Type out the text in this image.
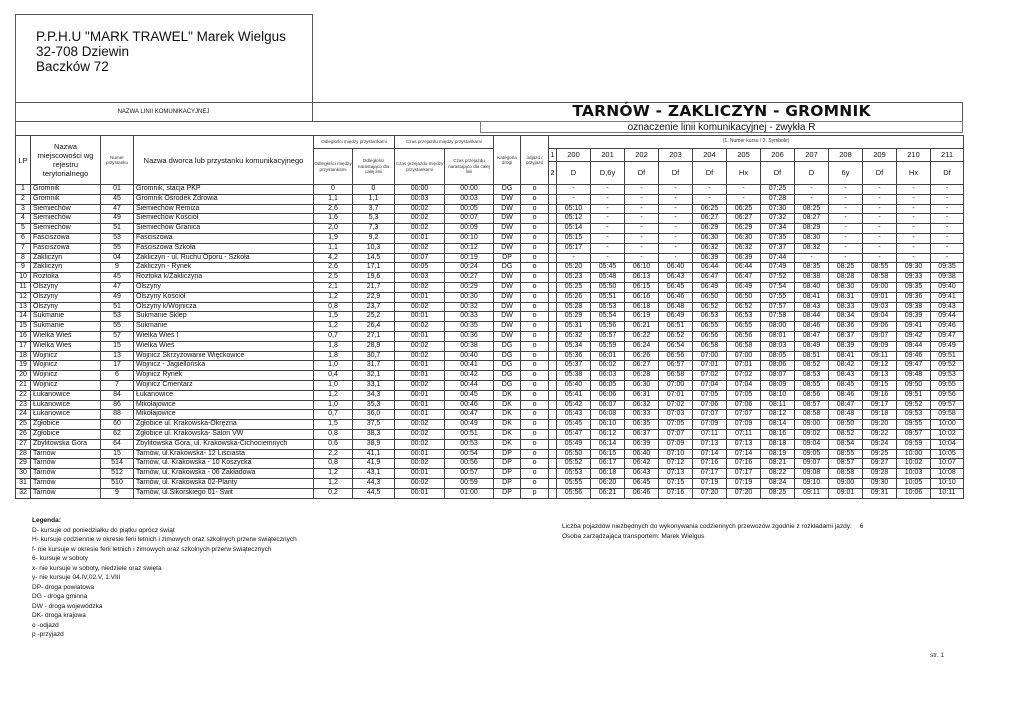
P.P.H.U "MARK TRAWEL" Marek Wielgus
32-708 Dziewin
Baczków 72
NAZWA LINII KOMUNIKACYJNEJ	TARNÓW - ZAKLICZYN - GROMNIK
oznaczenie linii komunikacyjnej - zwykła R
LP	Nazwa miejscowości wg rejestru terytorialnego	Numer przystanku	Nazwa dworca lub przystanku komunikacyjnego	Odległości między przystankami		Czas przejazdu między przystankami		Kategoria drogi	odjazd / przyjazd	(1. Numer kursu / 2. Symbole)												
				Odległości między przystankami	Odległości narastająco dla całej linii	Czas przejazdu między przystankami	Czas przejazdu narastająco dla całej linii			1	200	201	202	203	204	205	206	207	208	209	210	211
										2	D	D,6y	Df	Df	Df	Hx	Df	D	6y	Df	Hx	Df
1	Gromnik	01	Gromnik, stacja PKP	0	0	00:00	00:00	DG	o		-	-	-	-	-	-	07:25	-	-	-	-	-
2	Gromnik	45	Gromnik Ośrodek Zdrowia	1,1	1,1	00:03	00:03	DW	o		-	-	-	-	-	-	07:28	-	-	-	-	-
3	Siemiechów	47	Siemiechów Remiza	2,6	3,7	00:02	00:05	DW	o		05:10	-	-	-	06:25	06:25	07:30	08:25	-	-	-	-
4	Siemiechów	49	Siemiechów Kościół	1,6	5,3	00:02	00:07	DW	o		05:12	-	-	-	06:27	06:27	07:32	08:27	-	-	-	-
5	Siemiechów	51	Siemiechów Granica	2,0	7,3	00:02	00:09	DW	o		05:14	-	-	-	06:29	06:29	07:34	08:29	-	-	-	-
6	Faściszowa	53	Faściszowa	1,9	9,2	00:01	00:10	DW	o		05:15	-	-	-	06:30	06:30	07:35	08:30	-	-	-	-
7	Faściszowa	55	Faściszowa Szkoła	1,1	10,3	00:02	00:12	DW	o		05:17	-	-	-	06:32	06:32	07:37	08:32	-	-	-	-
8	Zakliczyn	04	Zakliczyn - ul. Ruchu Oporu - Szkoła	4,2	14,5	00:07	00:19	DP	o		-	-	-	-	06:39	06:39	07:44	-	-	-	-	-
9	Zakliczyn	9	Zakliczyn - Rynek	2,6	17,1	00:05	00:24	DG	o		05:20	05:45	06:10	06:40	06:44	06:44	07:49	08:35	08:25	08:55	09:30	09:35
10	Roztoka	45	Roztoka k/Zakliczyna	2,5	19,6	00:03	00:27	DW	o		05:23	05:48	06:13	06:43	06:47	06:47	07:52	08:38	08:28	08:58	09:33	09:38
11	Olszyny	47	Olszyny	2,1	21,7	00:02	00:29	DW	o		05:25	05:50	06:15	06:45	06:49	06:49	07:54	08:40	08:30	09:00	09:35	09:40
12	Olszyny	49	Olszyny Kościół	1,2	22,9	00:01	00:30	DW	o		05:26	05:51	06:16	06:46	06:50	06:50	07:55	08:41	08:31	09:01	09:36	09:41
13	Olszyny	51	Olszyny k/Wojnicza	0,8	23,7	00:02	00:32	DW	o		05:28	05:53	06:18	06:48	06:52	06:52	07:57	08:43	08:33	09:03	09:38	09:43
14	Sukmanie	53	Sukmanie Sklep	1,5	25,2	00:01	00:33	DW	o		05:29	05:54	06:19	06:49	06:53	06:53	07:58	08:44	08:34	09:04	09:39	09:44
15	Sukmanie	55	Sukmanie	1,2	26,4	00:02	00:35	DW	o		05:31	05:56	06:21	06:51	06:55	06:55	08:00	08:46	08:36	09:06	09:41	09:46
16	Wielka Wieś	57	Wielka Wieś I	0,7	27,1	00:01	00:36	DW	o		05:32	05:57	06:22	06:52	06:56	06:56	08:01	08:47	08:37	09:07	09:42	09:47
17	Wielka Wieś	15	Wielka Wieś	1,8	28,9	00:02	00:38	DG	o		05:34	05:59	06:24	06:54	06:58	06:58	08:03	08:49	08:39	09:09	09:44	09:49
18	Wojnicz	13	Wojnicz Skrzyżowanie Więckowice	1,8	30,7	00:02	00:40	DG	o		05:36	06:01	06:26	06:56	07:00	07:00	08:05	08:51	08:41	09:11	09:46	09:51
19	Wojnicz	17	Wojnicz - Jagiellońska	1,0	31,7	00:01	00:41	DG	o		05:37	06:02	06:27	06:57	07:01	07:01	08:06	08:52	08:42	09:12	09:47	09:52
20	Wojnicz	6	Wojnicz Rynek	0,4	32,1	00:01	00:42	DG	o		05:38	06:03	06:28	06:58	07:02	07:02	08:07	08:53	08:43	09:13	09:48	09:53
21	Wojnicz	7	Wojnicz Cmentarz	1,0	33,1	00:02	00:44	DG	o		05:40	06:05	06:30	07:00	07:04	07:04	08:09	08:55	08:45	09:15	09:50	09:55
22	Łukanowice	84	Łukanowice	1,2	34,3	00:01	00:45	DK	o		05:41	06:06	06:31	07:01	07:05	07:05	08:10	08:56	08:46	09:16	09:51	09:56
23	Łukanowice	86	Mikołajowice	1,0	35,3	00:01	00:46	DK	o		05:42	06:07	06:32	07:02	07:06	07:06	08:11	08:57	08:47	09:17	09:52	09:57
24	Łukanowice	88	Mikołajowice	0,7	36,0	00:01	00:47	DK	o		05:43	06:08	06:33	07:03	07:07	07:07	08:12	08:58	08:48	09:18	09:53	09:58
25	Zgłobice	60	Zgłobice ul. Krakowska-Okrężna	1,5	37,5	00:02	00:49	DK	o		05:45	06:10	06:35	07:05	07:09	07:09	08:14	09:00	08:50	09:20	09:55	10:00
26	Zgłobice	62	Zgłobice ul. Krakowska- Salon VW	0,8	38,3	00:02	00:51	DK	o		05:47	06:12	06:37	07:07	07:11	07:11	08:16	09:02	08:52	09:22	09:57	10:02
27	Zbylitowska Góra	64	Zbylitowska Góra, ul. Krakowska-Cichociemnych	0,6	38,9	00:02	00:53	DK	o		05:49	06:14	06:39	07:09	07:13	07:13	08:18	09:04	08:54	09:24	09:59	10:04
28	Tarnów	15	Tarnów, ul.Krakowska- 12 Liściasta	2,2	41,1	00:01	00:54	DP	o		05:50	06:15	06:40	07:10	07:14	07:14	08:19	09:05	08:55	09:25	10:00	10:05
29	Tarnów	514	Tarnów, ul. Krakowska - 10 Koszycka	0,8	41,9	00:02	00:56	DP	o		05:52	06:17	06:42	07:12	07:16	07:16	08:21	09:07	08:57	09:27	10:02	10:07
30	Tarnów	512	Tarnów, ul. Krakowska - 06 Zakładowa	1,2	43,1	00:01	00:57	DP	o		05:53	06:18	06:43	07:13	07:17	07:17	08:22	09:08	08:58	09:28	10:03	10:08
31	Tarnów	510	Tarnów, ul. Krakowska 02-Planty	1,2	44,3	00:02	00:59	DP	o		05:55	06:20	06:45	07:15	07:19	07:19	08:24	09:10	09:00	09:30	10:05	10:10
32	Tarnów	9	Tarnów, ul.Sikorskiego 01- Świt	0,2	44,5	00:01	01:00	DP	p		05:56	06:21	06:46	07:16	07:20	07:20	08:25	09:11	09:01	09:31	10:06	10:11
Legenda:
D- kursuje od poniedziałku do piątku oprócz świąt
H- kursuje codziennie w okresie ferii letnich i zimowych oraz szkolnych przerw świątecznych
f- nie kursuje w okresie ferii letnich i zimowych oraz szkolnych przerw świątecznych
6- kursuje w soboty
x- nie kursuje w soboty, niedziele oraz święta
y- nie kursuje 04.IV,02.V, 1.VIII
DP- droga powiatowa
DG - droga gminna
DW - droga wojewódzka
DK- droga krajowa
o -odjazd
p -przyjazd
Liczba pojazdów niezbędnych do wykonywania codziennych przewozów zgodnie z rozkładami jazdy: 6
Osoba zarządzająca transportem: Marek Wielgus
str. 1
